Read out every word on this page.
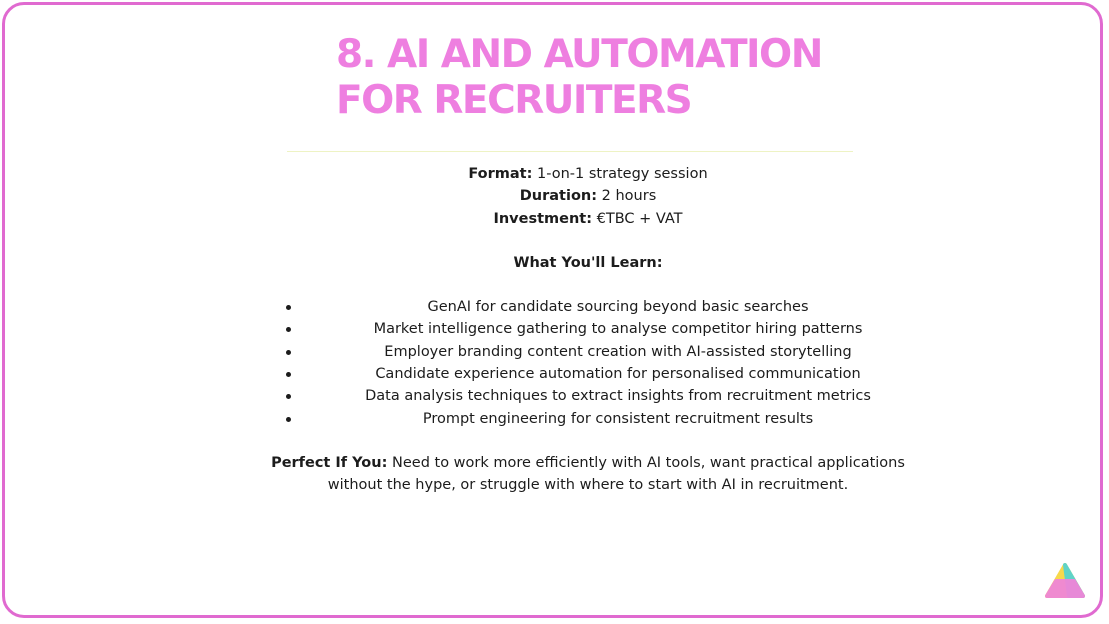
8. AI AND AUTOMATION
FOR RECRUITERS

Format: 1-on-1 strategy session

Duration: 2 hours

Investment: €TBC + VAT

What You'll Learn:

GenAI for candidate sourcing beyond basic searches
Market intelligence gathering to analyse competitor hiring patterns
Employer branding content creation with AI-assisted storytelling
Candidate experience automation for personalised communication
Data analysis techniques to extract insights from recruitment metrics
Prompt engineering for consistent recruitment results

Perfect If You: Need to work more efficiently with AI tools, want practical applications without the hype, or struggle with where to start with AI in recruitment.
